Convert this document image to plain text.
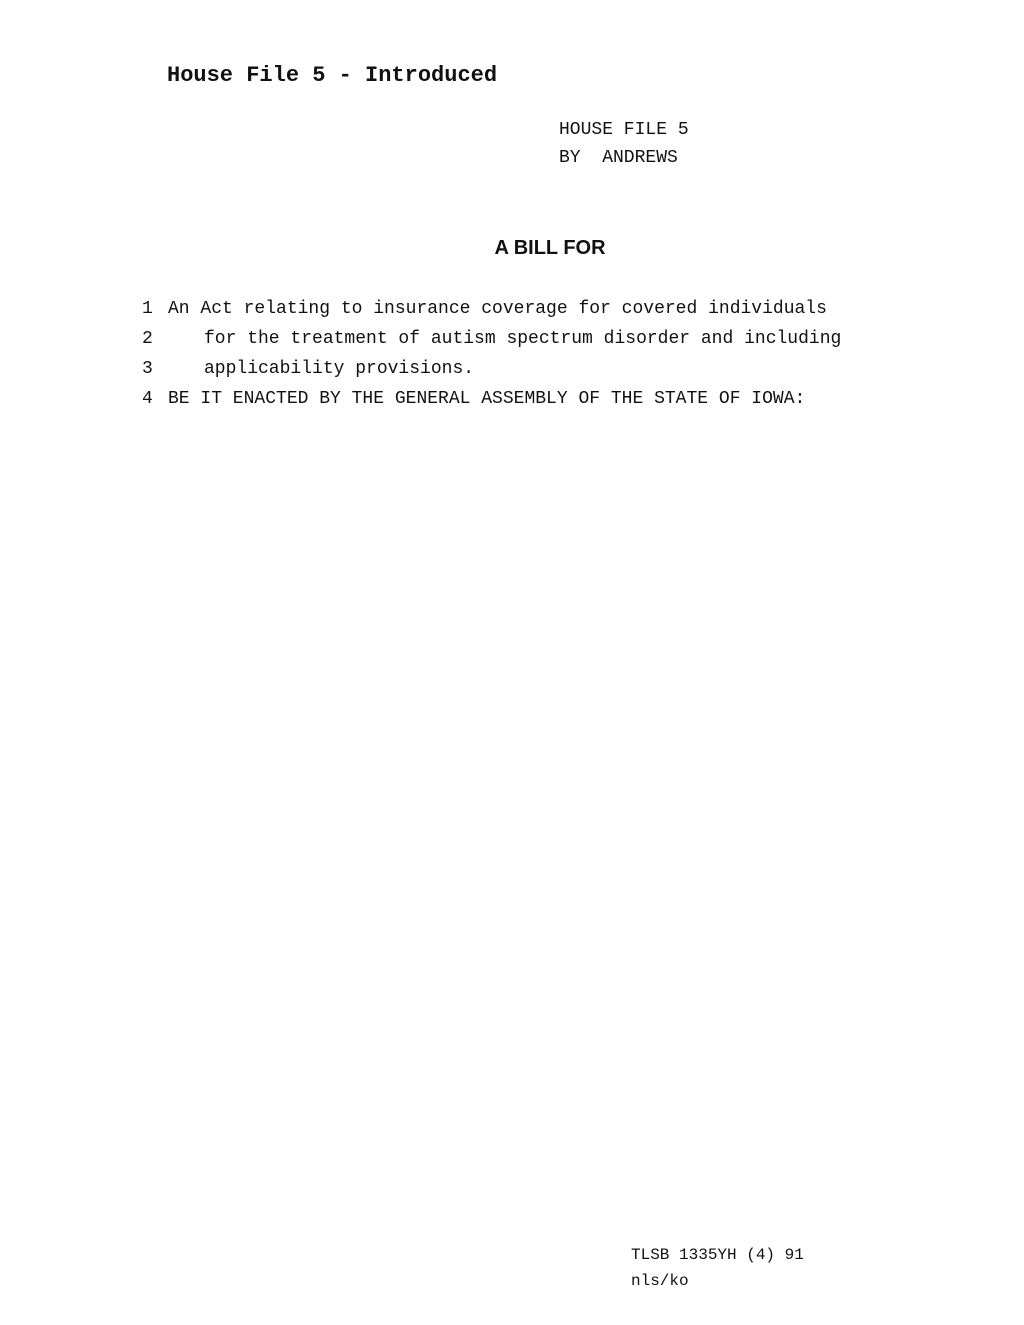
House File 5 - Introduced
HOUSE FILE 5
BY  ANDREWS
A BILL FOR
1 An Act relating to insurance coverage for covered individuals
2	for the treatment of autism spectrum disorder and including
3	applicability provisions.
4 BE IT ENACTED BY THE GENERAL ASSEMBLY OF THE STATE OF IOWA:
TLSB 1335YH (4) 91
nls/ko
